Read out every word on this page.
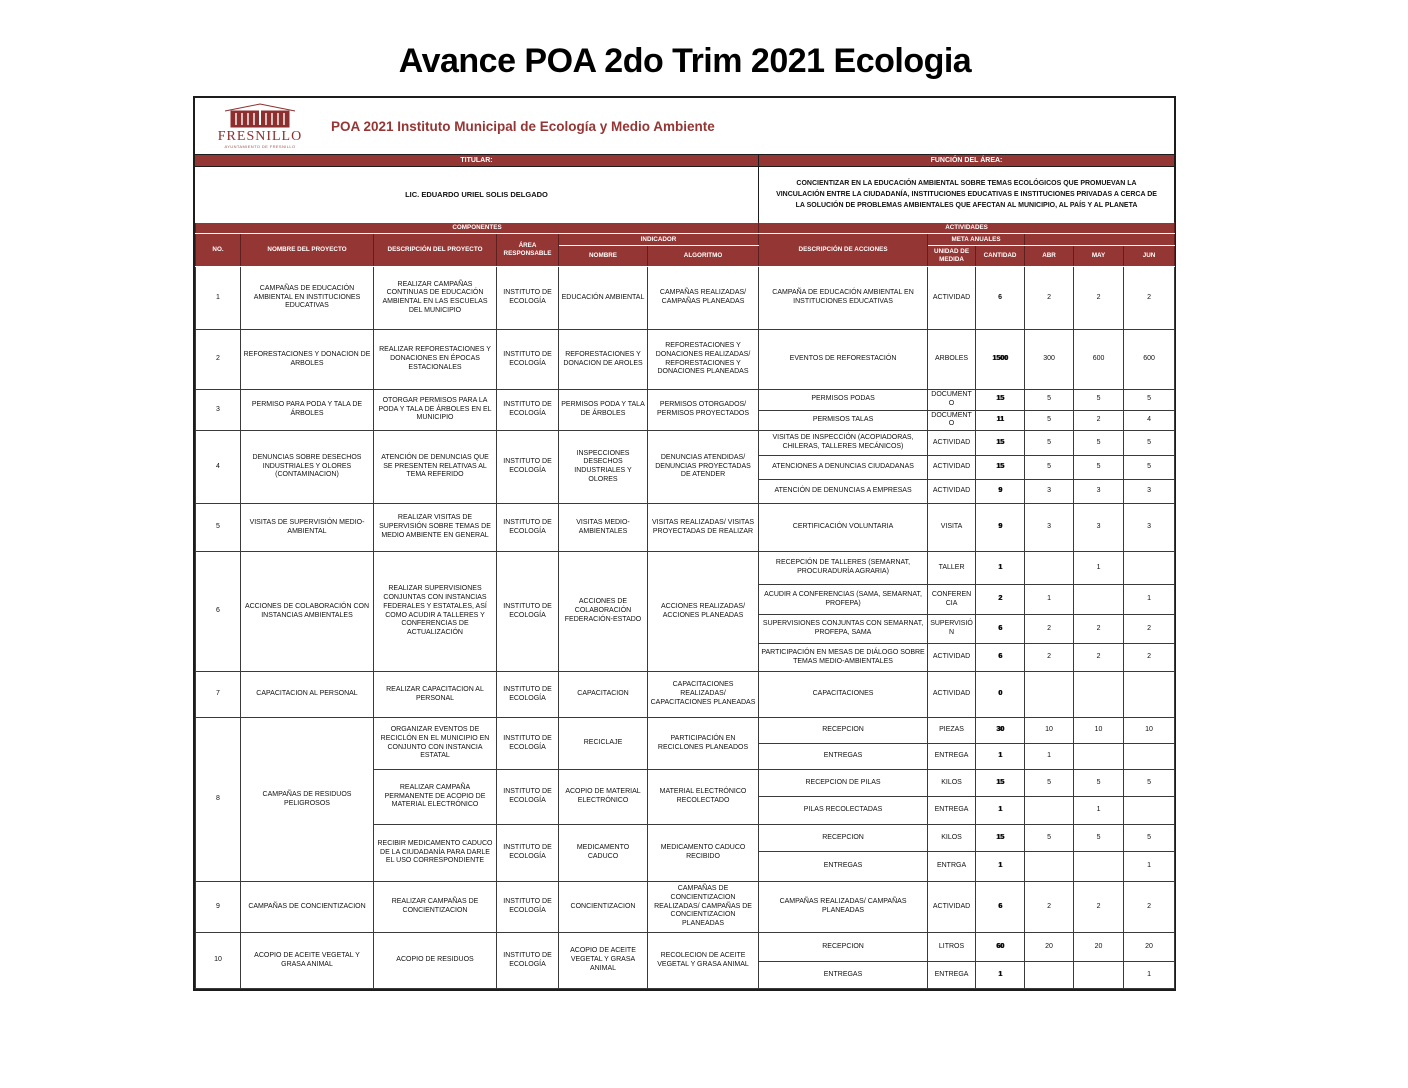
Avance POA 2do Trim 2021 Ecologia
FRESNILLO
AYUNTAMIENTO DE FRESNILLO
POA 2021 Instituto Municipal de Ecología y Medio Ambiente
TITULAR:	FUNCIÓN DEL ÁREA:
LIC. EDUARDO URIEL SOLIS DELGADO
CONCIENTIZAR EN LA EDUCACIÓN AMBIENTAL SOBRE TEMAS ECOLÓGICOS QUE PROMUEVAN LA VINCULACIÓN ENTRE LA CIUDADANÍA, INSTITUCIONES EDUCATIVAS E INSTITUCIONES PRIVADAS A CERCA DE LA SOLUCIÓN DE PROBLEMAS AMBIENTALES QUE AFECTAN AL MUNICIPIO, AL PAÍS Y AL PLANETA
COMPONENTES						ACTIVIDADES					
NO.	NOMBRE DEL PROYECTO	DESCRIPCIÓN DEL PROYECTO	ÁREA RESPONSABLE	INDICADOR		DESCRIPCIÓN DE ACCIONES	META ANUALES				
				NOMBRE	ALGORITMO		UNIDAD DE MEDIDA	CANTIDAD	ABR	MAY	JUN
1	CAMPAÑAS DE EDUCACIÓN AMBIENTAL EN INSTITUCIONES EDUCATIVAS	REALIZAR CAMPAÑAS CONTINUAS DE EDUCACIÓN AMBIENTAL EN LAS ESCUELAS DEL MUNICIPIO	INSTITUTO DE ECOLOGÍA	EDUCACIÓN AMBIENTAL	CAMPAÑAS REALIZADAS/ CAMPAÑAS PLANEADAS	CAMPAÑA DE EDUCACIÓN AMBIENTAL EN INSTITUCIONES EDUCATIVAS	ACTIVIDAD	6	2	2	2
2	REFORESTACIONES Y DONACION DE ARBOLES	REALIZAR REFORESTACIONES Y DONACIONES EN ÉPOCAS ESTACIONALES	INSTITUTO DE ECOLOGÍA	REFORESTACIONES Y DONACION DE AROLES	REFORESTACIONES Y DONACIONES REALIZADAS/ REFORESTACIONES Y DONACIONES PLANEADAS	EVENTOS DE REFORESTACIÓN	ARBOLES	1500	300	600	600
3	PERMISO PARA PODA Y TALA DE ÁRBOLES	OTORGAR PERMISOS PARA LA PODA Y TALA DE ÁRBOLES EN EL MUNICIPIO	INSTITUTO DE ECOLOGÍA	PERMISOS PODA Y TALA DE ÁRBOLES	PERMISOS OTORGADOS/ PERMISOS PROYECTADOS	PERMISOS PODAS	DOCUMENTO	15	5	5	5
						PERMISOS TALAS	DOCUMENTO	11	5	2	4
4	DENUNCIAS SOBRE DESECHOS INDUSTRIALES Y OLORES (CONTAMINACION)	ATENCIÓN DE DENUNCIAS QUE SE PRESENTEN RELATIVAS AL TEMA REFERIDO	INSTITUTO DE ECOLOGÍA	INSPECCIONES DESECHOS INDUSTRIALES Y OLORES	DENUNCIAS ATENDIDAS/ DENUNCIAS PROYECTADAS DE ATENDER	VISITAS DE INSPECCIÓN (ACOPIADORAS, CHILERAS, TALLERES MECÁNICOS)	ACTIVIDAD	15	5	5	5
						ATENCIONES A DENUNCIAS CIUDADANAS	ACTIVIDAD	15	5	5	5
						ATENCIÓN DE DENUNCIAS A EMPRESAS	ACTIVIDAD	9	3	3	3
5	VISITAS DE SUPERVISIÓN MEDIO-AMBIENTAL	REALIZAR VISITAS DE SUPERVISIÓN SOBRE TEMAS DE MEDIO AMBIENTE EN GENERAL	INSTITUTO DE ECOLOGÍA	VISITAS MEDIO-AMBIENTALES	VISITAS REALIZADAS/ VISITAS PROYECTADAS DE REALIZAR	CERTIFICACIÓN VOLUNTARIA	VISITA	9	3	3	3
6	ACCIONES DE COLABORACIÓN CON INSTANCIAS AMBIENTALES	REALIZAR SUPERVISIONES CONJUNTAS CON INSTANCIAS FEDERALES Y ESTATALES, ASÍ COMO ACUDIR A TALLERES Y CONFERENCIAS DE ACTUALIZACIÓN	INSTITUTO DE ECOLOGÍA	ACCIONES DE COLABORACIÓN FEDERACIÓN-ESTADO	ACCIONES REALIZADAS/ ACCIONES PLANEADAS	RECEPCIÓN DE TALLERES (SEMARNAT, PROCURADURÍA AGRARIA)	TALLER	1		1	
						ACUDIR A CONFERENCIAS (SAMA, SEMARNAT, PROFEPA)	CONFERENCIA	2	1		1
						SUPERVISIONES CONJUNTAS CON SEMARNAT, PROFEPA, SAMA	SUPERVISIÓN	6	2	2	2
						PARTICIPACIÓN EN MESAS DE DIÁLOGO SOBRE TEMAS MEDIO-AMBIENTALES	ACTIVIDAD	6	2	2	2
7	CAPACITACION AL PERSONAL	REALIZAR CAPACITACION AL PERSONAL	INSTITUTO DE ECOLOGÍA	CAPACITACION	CAPACITACIONES REALIZADAS/ CAPACITACIONES PLANEADAS	CAPACITACIONES	ACTIVIDAD	0			
8	CAMPAÑAS DE RESIDUOS PELIGROSOS	ORGANIZAR EVENTOS DE RECICLÓN EN EL MUNICIPIO EN CONJUNTO CON INSTANCIA ESTATAL	INSTITUTO DE ECOLOGÍA	RECICLAJE	PARTICIPACIÓN EN RECICLONES PLANEADOS	RECEPCION	PIEZAS	30	10	10	10
						ENTREGAS	ENTREGA	1	1		
		REALIZAR CAMPAÑA PERMANENTE DE ACOPIO DE MATERIAL ELECTRÓNICO	INSTITUTO DE ECOLOGÍA	ACOPIO DE MATERIAL ELECTRÓNICO	MATERIAL ELECTRÓNICO RECOLECTADO	RECEPCION DE PILAS	KILOS	15	5	5	5
						PILAS RECOLECTADAS	ENTREGA	1		1	
		RECIBIR MEDICAMENTO CADUCO DE LA CIUDADANÍA PARA DARLE EL USO CORRESPONDIENTE	INSTITUTO DE ECOLOGÍA	MEDICAMENTO CADUCO	MEDICAMENTO CADUCO RECIBIDO	RECEPCION	KILOS	15	5	5	5
						ENTREGAS	ENTRGA	1			1
9	CAMPAÑAS DE CONCIENTIZACION	REALIZAR CAMPAÑAS DE CONCIENTIZACION	INSTITUTO DE ECOLOGÍA	CONCIENTIZACION	CAMPAÑAS DE CONCIENTIZACION REALIZADAS/ CAMPAÑAS DE CONCIENTIZACION PLANEADAS	CAMPAÑAS REALIZADAS/ CAMPAÑAS PLANEADAS	ACTIVIDAD	6	2	2	2
10	ACOPIO DE ACEITE VEGETAL Y GRASA ANIMAL	ACOPIO DE RESIDUOS	INSTITUTO DE ECOLOGÍA	ACOPIO DE ACEITE VEGETAL Y GRASA ANIMAL	RECOLECION DE ACEITE VEGETAL Y GRASA ANIMAL	RECEPCION	LITROS	60	20	20	20
						ENTREGAS	ENTREGA	1			1
